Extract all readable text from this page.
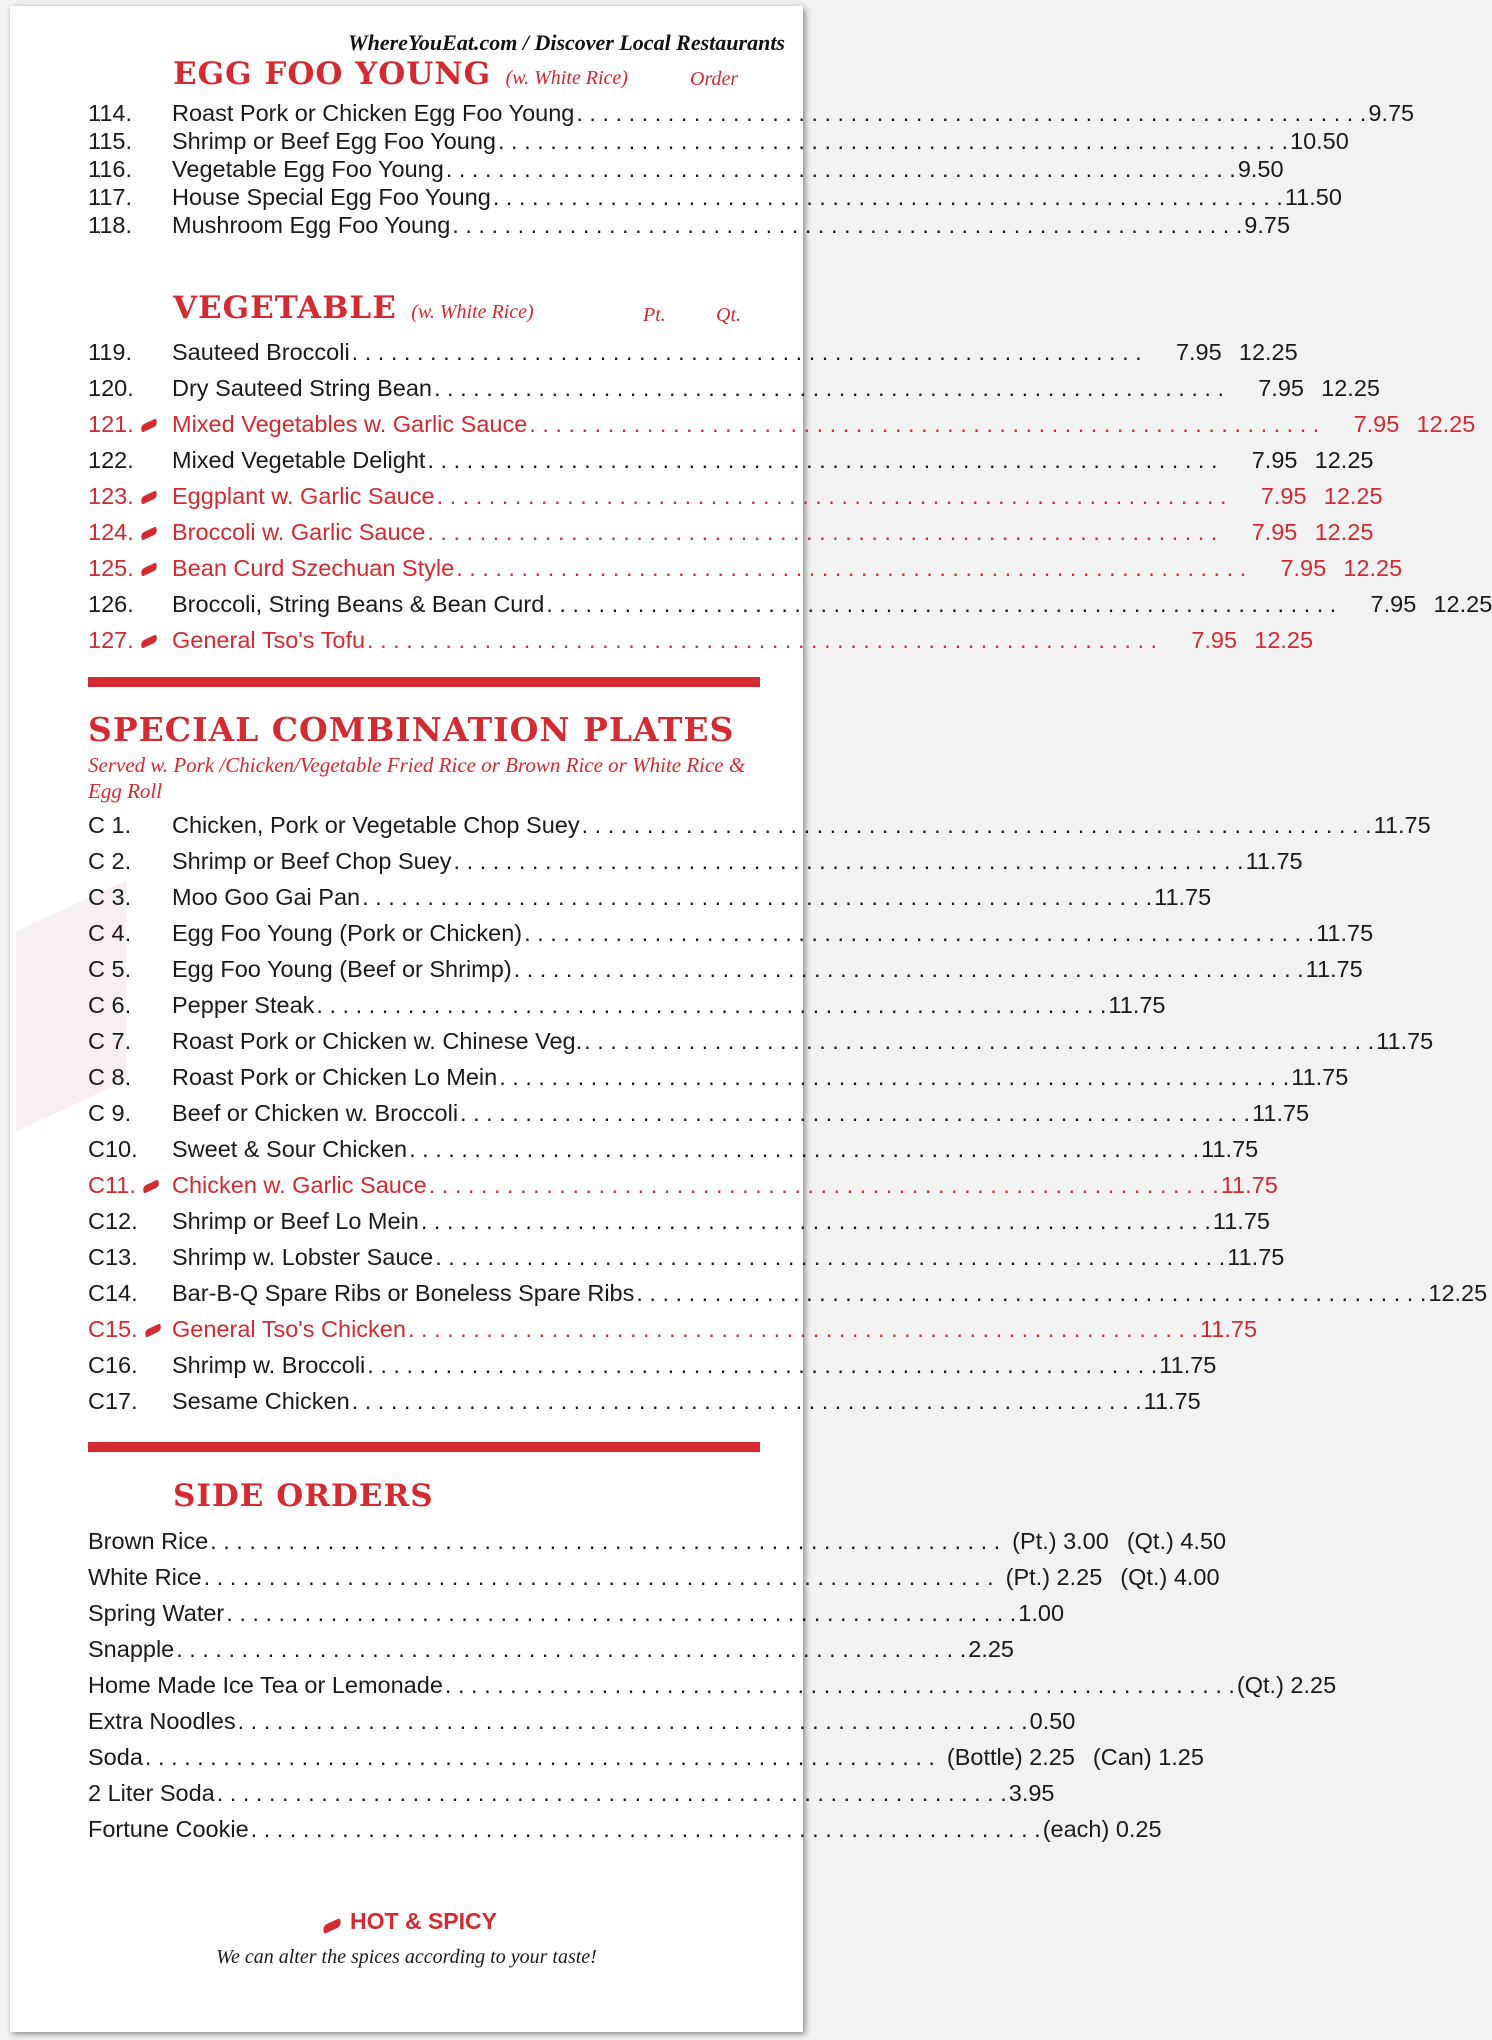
WhereYouEat.com / Discover Local Restaurants
EGG FOO YOUNG (w. White Rice)	Order
114. Roast Pork or Chicken Egg Foo Young . . .	9.75
115. Shrimp or Beef Egg Foo Young . . .	10.50
116. Vegetable Egg Foo Young . . .	9.50
117. House Special Egg Foo Young . . .	11.50
118. Mushroom Egg Foo Young . . .	9.75
VEGETABLE (w. White Rice)	Pt.	Qt.
119. Sauteed Broccoli . . .	7.95 12.25
120. Dry Sauteed String Bean . . .	7.95 12.25
121. Mixed Vegetables w. Garlic Sauce . . .	7.95 12.25
122. Mixed Vegetable Delight . . .	7.95 12.25
123. Eggplant w. Garlic Sauce . . .	7.95 12.25
124. Broccoli w. Garlic Sauce . . .	7.95 12.25
125. Bean Curd Szechuan Style . . .	7.95 12.25
126. Broccoli, String Beans & Bean Curd . . .	7.95 12.25
127. General Tso's Tofu . . .	7.95 12.25
SPECIAL COMBINATION PLATES
Served w. Pork /Chicken/Vegetable Fried Rice or Brown Rice or White Rice & Egg Roll
C 1. Chicken, Pork or Vegetable Chop Suey . . .	11.75
C 2. Shrimp or Beef Chop Suey . . .	11.75
C 3. Moo Goo Gai Pan . . .	11.75
C 4. Egg Foo Young (Pork or Chicken) . . .	11.75
C 5. Egg Foo Young (Beef or Shrimp) . . .	11.75
C 6. Pepper Steak . . .	11.75
C 7. Roast Pork or Chicken w. Chinese Veg. . . .	11.75
C 8. Roast Pork or Chicken Lo Mein . . .	11.75
C 9. Beef or Chicken w. Broccoli . . .	11.75
C10. Sweet & Sour Chicken . . .	11.75
C11. Chicken w. Garlic Sauce . . .	11.75
C12. Shrimp or Beef Lo Mein . . .	11.75
C13. Shrimp w. Lobster Sauce . . .	11.75
C14. Bar-B-Q Spare Ribs or Boneless Spare Ribs . . .	12.25
C15. General Tso's Chicken . . .	11.75
C16. Shrimp w. Broccoli . . .	11.75
C17. Sesame Chicken . . .	11.75
SIDE ORDERS
Brown Rice . . .	(Pt.) 3.00 (Qt.) 4.50
White Rice . . .	(Pt.) 2.25 (Qt.) 4.00
Spring Water . . .	1.00
Snapple . . .	2.25
Home Made Ice Tea or Lemonade . . .	(Qt.) 2.25
Extra Noodles . . .	0.50
Soda . . .	(Bottle) 2.25 (Can) 1.25
2 Liter Soda . . .	3.95
Fortune Cookie . . .	(each) 0.25
HOT & SPICY
We can alter the spices according to your taste!
